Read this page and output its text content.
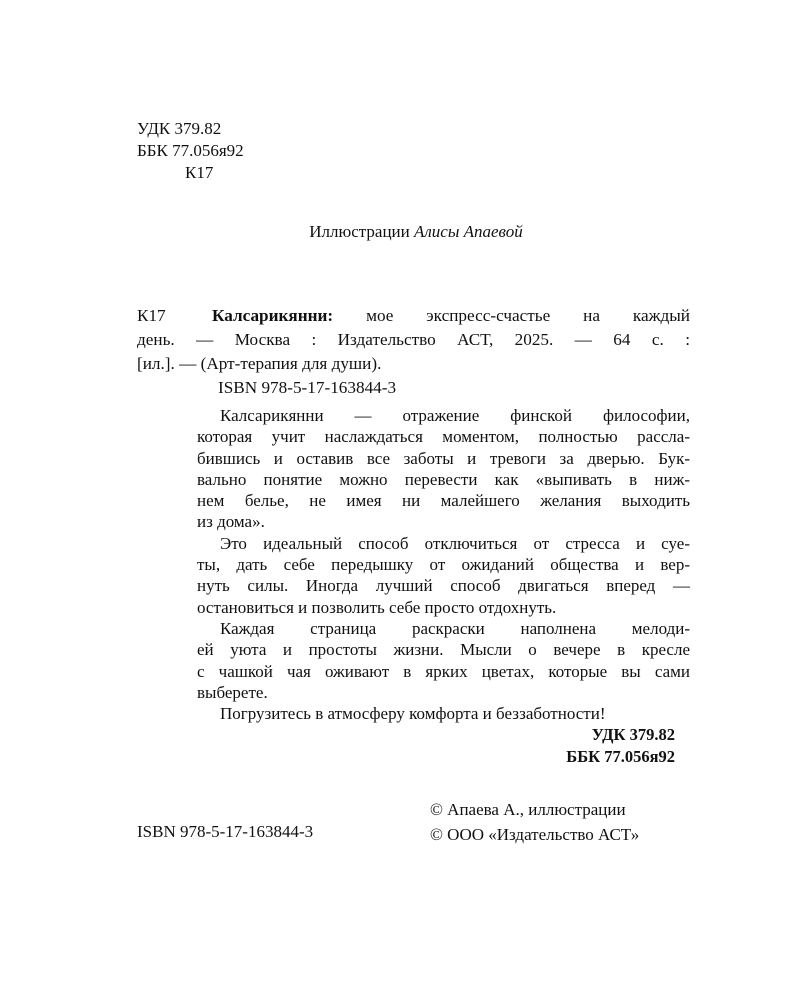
УДК 379.82
ББК 77.056я92
К17
Иллюстрации Алисы Апаевой
К17	Калсарикянни: мое экспресс-счастье на каждый
день. — Москва : Издательство АСТ, 2025. — 64 с. :
[ил.]. — (Арт-терапия для души).
ISBN 978-5-17-163844-3
Калсарикянни — отражение финской философии,
которая учит наслаждаться моментом, полностью рассла-
бившись и оставив все заботы и тревоги за дверью. Бук-
вально понятие можно перевести как «выпивать в ниж-
нем белье, не имея ни малейшего желания выходить
из дома».
Это идеальный способ отключиться от стресса и суе-
ты, дать себе передышку от ожиданий общества и вер-
нуть силы. Иногда лучший способ двигаться вперед —
остановиться и позволить себе просто отдохнуть.
Каждая страница раскраски наполнена мелоди-
ей уюта и простоты жизни. Мысли о вечере в кресле
с чашкой чая оживают в ярких цветах, которые вы сами
выберете.
Погрузитесь в атмосферу комфорта и беззаботности!
УДК 379.82
ББК 77.056я92
© Апаева А., иллюстрации
© ООО «Издательство АСТ»
ISBN 978-5-17-163844-3
